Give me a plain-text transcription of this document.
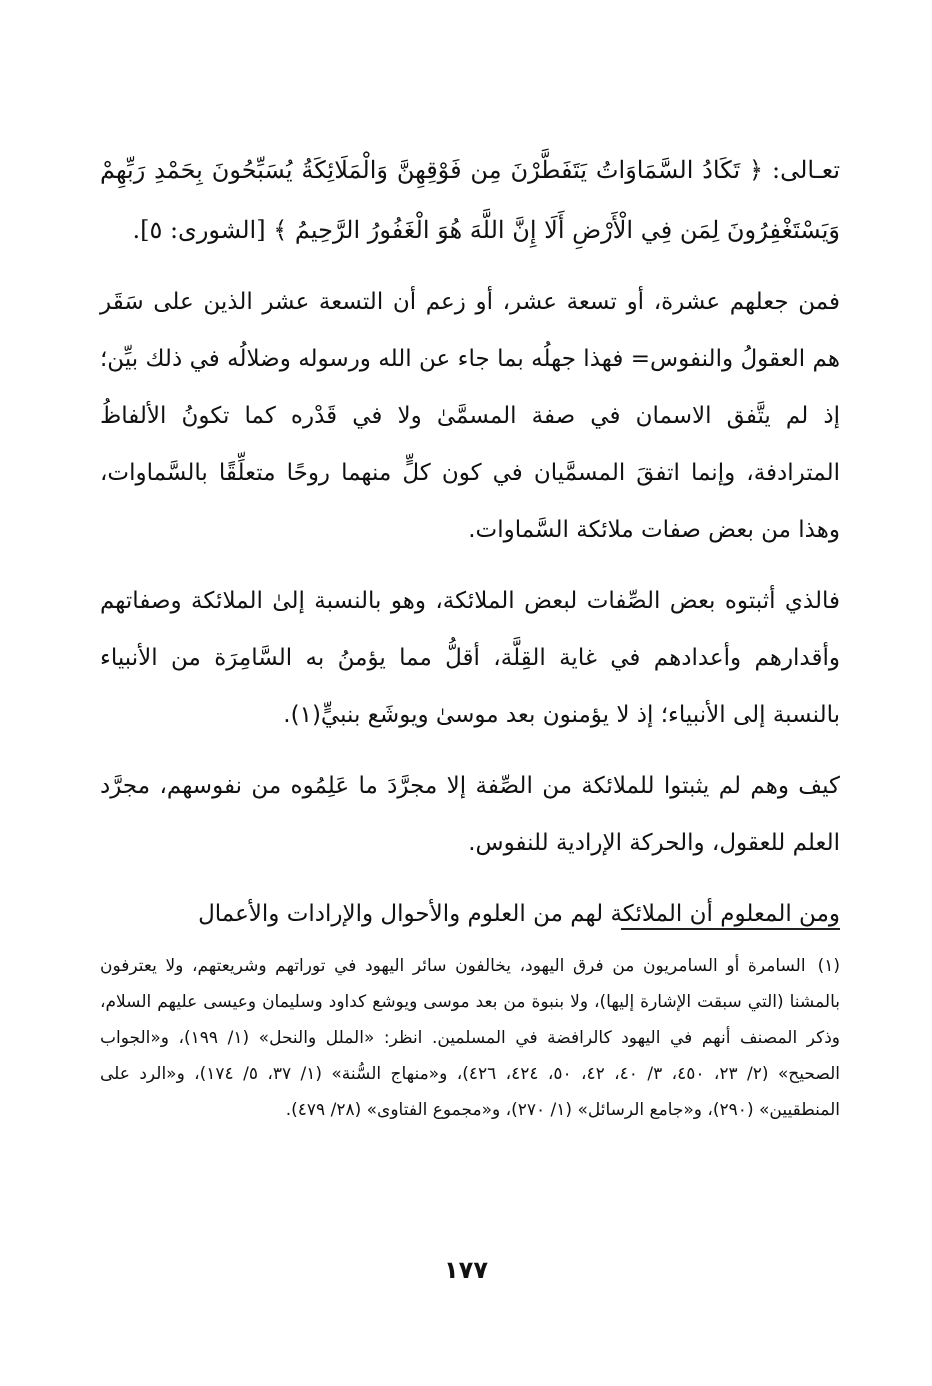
تعـالى: ﴿ تَكَادُ السَّمَاوَاتُ يَتَفَطَّرْنَ مِن فَوْقِهِنَّ وَالْمَلَائِكَةُ يُسَبِّحُونَ بِحَمْدِ رَبِّهِمْ وَيَسْتَغْفِرُونَ لِمَن فِي الْأَرْضِ أَلَا إِنَّ اللَّهَ هُوَ الْغَفُورُ الرَّحِيمُ ﴾ [الشورى: ٥].

فمن جعلهم عشرة، أو تسعة عشر، أو زعم أن التسعة عشر الذين على سَقَر هم العقولُ والنفوس= فهذا جهلُه بما جاء عن الله ورسوله وضلالُه في ذلك بيِّن؛ إذ لم يتَّفق الاسمان في صفة المسمَّىٰ ولا في قَدْره كما تكونُ الألفاظُ المترادفة، وإنما اتفقَ المسمَّيان في كون كلٍّ منهما روحًا متعلِّقًا بالسَّماوات، وهذا من بعض صفات ملائكة السَّماوات.

فالذي أثبتوه بعض الصِّفات لبعض الملائكة، وهو بالنسبة إلىٰ الملائكة وصفاتهم وأقدارهم وأعدادهم في غاية القِلَّة، أقلُّ مما يؤمنُ به السَّامِرَة من الأنبياء بالنسبة إلى الأنبياء؛ إذ لا يؤمنون بعد موسىٰ ويوشَع بنبيٍّ(١).

كيف وهم لم يثبتوا للملائكة من الصِّفة إلا مجرَّدَ ما عَلِمُوه من نفوسهم، مجرَّد العلم للعقول، والحركة الإرادية للنفوس.

ومن المعلوم أن الملائكة لهم من العلوم والأحوال والإرادات والأعمال

(١)السامرة أو السامريون من فرق اليهود، يخالفون سائر اليهود في توراتهم وشريعتهم، ولا يعترفون بالمشنا (التي سبقت الإشارة إليها)، ولا بنبوة من بعد موسى ويوشع كداود وسليمان وعيسى عليهم السلام، وذكر المصنف أنهم في اليهود كالرافضة في المسلمين. انظر: «الملل والنحل» (١/ ١٩٩)، و«الجواب الصحيح» (٢/ ٢٣، ٤٥٠، ٣/ ٤٠، ٤٢، ٥٠، ٤٢٤، ٤٢٦)، و«منهاج السُّنة» (١/ ٣٧، ٥/ ١٧٤)، و«الرد على المنطقيين» (٢٩٠)، و«جامع الرسائل» (١/ ٢٧٠)، و«مجموع الفتاوى» (٢٨/ ٤٧٩).
١٧٧
